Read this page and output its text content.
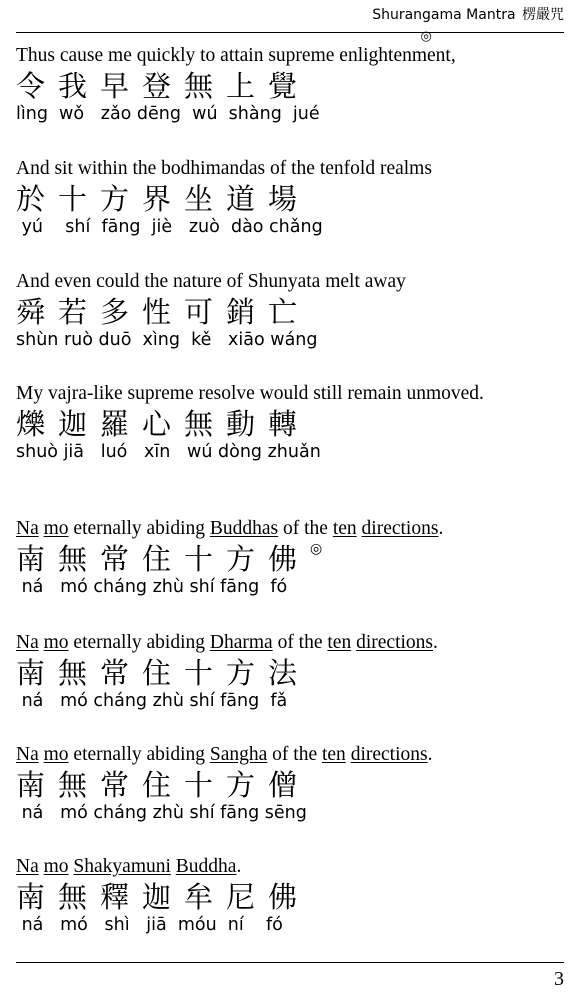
Shurangama Mantra 楞嚴咒

Thus cause me quickly to attain supreme enlightenment,

令我早登無上覺

lìng  wǒ   zǎo dēng  wú  shàng  jué

And sit within the bodhimandas of the tenfold realms

於十方界坐道場

yú    shí  fāng  jiè   zuò  dào chǎng

And even could the nature of Shunyata melt away

舜若多性可銷亡

shùn ruò duō  xìng  kě   xiāo wáng

My vajra-like supreme resolve would still remain unmoved.

爍迦羅心無動轉

shuò jiā   luó   xīn   wú dòng zhuǎn

Na mo eternally abiding Buddhas of the ten directions
◎
.

南無常住十方佛◎

ná   mó cháng zhù shí fāng  fó

Na mo eternally abiding Dharma of the ten directions.

南無常住十方法

ná   mó cháng zhù shí fāng  fǎ

Na mo eternally abiding Sangha of the ten directions.

南無常住十方僧

ná   mó cháng zhù shí fāng sēng

Na mo Shakyamuni Buddha.

南無釋迦牟尼佛

ná   mó   shì   jiā  móu  ní    fó

3
